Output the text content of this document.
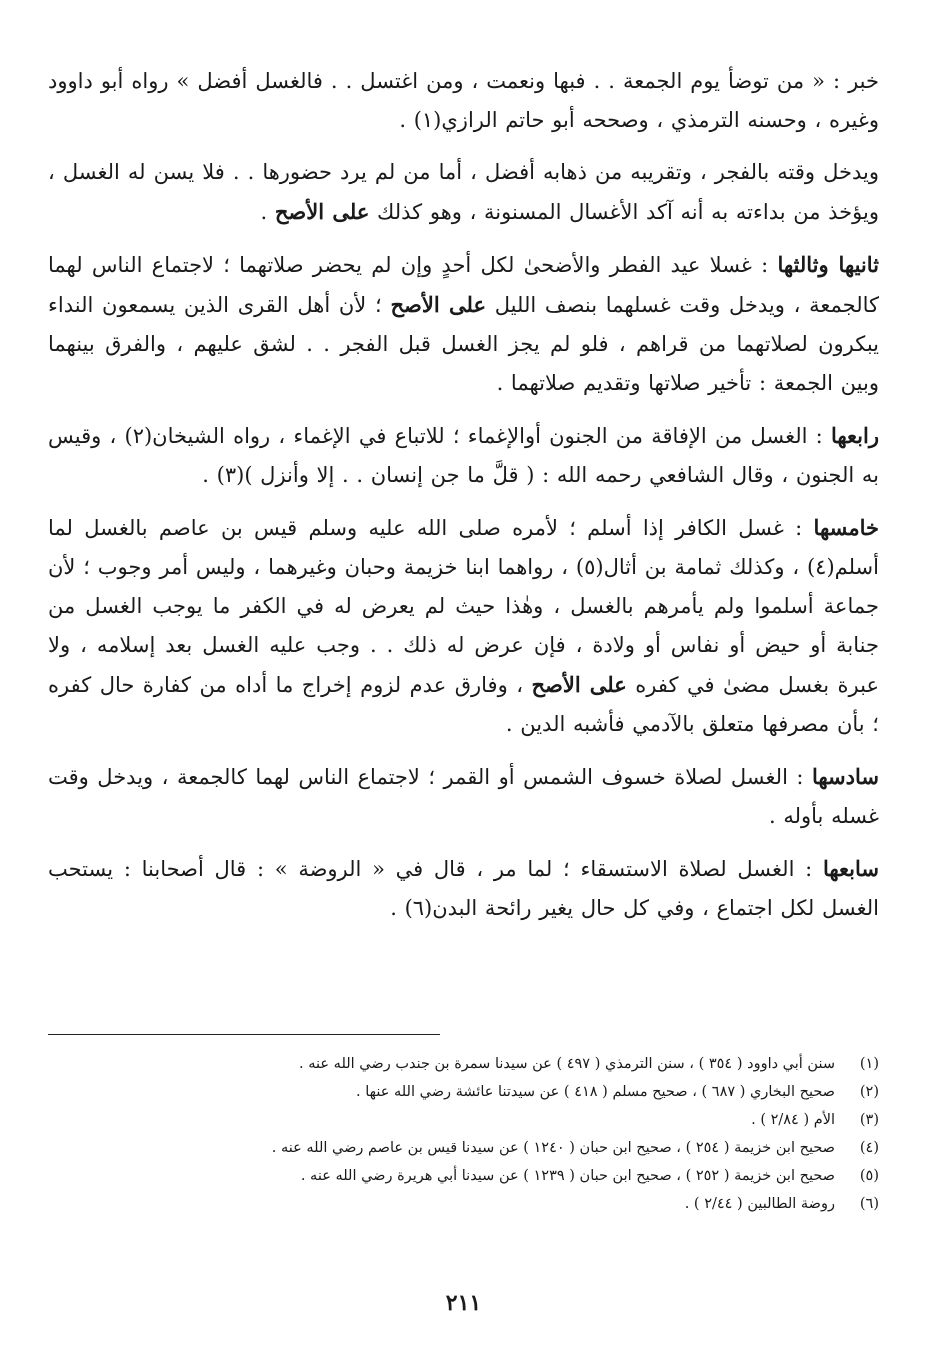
خبر : « من توضأ يوم الجمعة . . فبها ونعمت ، ومن اغتسل . . فالغسل أفضل » رواه أبو داوود وغيره ، وحسنه الترمذي ، وصححه أبو حاتم الرازي(١) .

ويدخل وقته بالفجر ، وتقريبه من ذهابه أفضل ، أما من لم يرد حضورها . . فلا يسن له الغسل ، ويؤخذ من بداءته به أنه آكد الأغسال المسنونة ، وهو كذلك على الأصح .

ثانيها وثالثها : غسلا عيد الفطر والأضحىٰ لكل أحدٍ وإن لم يحضر صلاتهما ؛ لاجتماع الناس لهما كالجمعة ، ويدخل وقت غسلهما بنصف الليل على الأصح ؛ لأن أهل القرى الذين يسمعون النداء يبكرون لصلاتهما من قراهم ، فلو لم يجز الغسل قبل الفجر . . لشق عليهم ، والفرق بينهما وبين الجمعة : تأخير صلاتها وتقديم صلاتهما .

رابعها : الغسل من الإفاقة من الجنون أوالإغماء ؛ للاتباع في الإغماء ، رواه الشيخان(٢) ، وقيس به الجنون ، وقال الشافعي رحمه الله : ( قلَّ ما جن إنسان . . إلا وأنزل )(٣) .

خامسها : غسل الكافر إذا أسلم ؛ لأمره صلى الله عليه وسلم قيس بن عاصم بالغسل لما أسلم(٤) ، وكذلك ثمامة بن أثال(٥) ، رواهما ابنا خزيمة وحبان وغيرهما ، وليس أمر وجوب ؛ لأن جماعة أسلموا ولم يأمرهم بالغسل ، وهٰذا حيث لم يعرض له في الكفر ما يوجب الغسل من جنابة أو حيض أو نفاس أو ولادة ، فإن عرض له ذلك . . وجب عليه الغسل بعد إسلامه ، ولا عبرة بغسل مضىٰ في كفره على الأصح ، وفارق عدم لزوم إخراج ما أداه من كفارة حال كفره ؛ بأن مصرفها متعلق بالآدمي فأشبه الدين .

سادسها : الغسل لصلاة خسوف الشمس أو القمر ؛ لاجتماع الناس لهما كالجمعة ، ويدخل وقت غسله بأوله .

سابعها : الغسل لصلاة الاستسقاء ؛ لما مر ، قال في « الروضة » : قال أصحابنا : يستحب الغسل لكل اجتماع ، وفي كل حال يغير رائحة البدن(٦) .

(١)سنن أبي داوود ( ٣٥٤ ) ، سنن الترمذي ( ٤٩٧ ) عن سيدنا سمرة بن جندب رضي الله عنه .
(٢)صحيح البخاري ( ٦٨٧ ) ، صحيح مسلم ( ٤١٨ ) عن سيدتنا عائشة رضي الله عنها .
(٣)الأم ( ٢/٨٤ ) .
(٤)صحيح ابن خزيمة ( ٢٥٤ ) ، صحيح ابن حبان ( ١٢٤٠ ) عن سيدنا قيس بن عاصم رضي الله عنه .
(٥)صحيح ابن خزيمة ( ٢٥٢ ) ، صحيح ابن حبان ( ١٢٣٩ ) عن سيدنا أبي هريرة رضي الله عنه .
(٦)روضة الطالبين ( ٢/٤٤ ) .
٢١١
